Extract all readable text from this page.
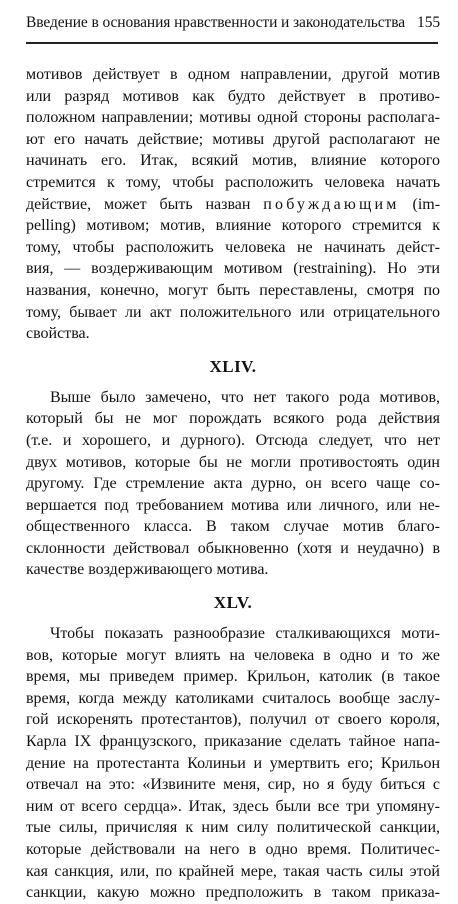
Введение в основания нравственности и законодательства 155

мотивов действует в одном направлении, другой мотив
или разряд мотивов как будто действует в противо-
положном направлении; мотивы одной стороны располага-
ют его начать действие; мотивы другой располагают не
начинать его. Итак, всякий мотив, влияние которого
стремится к тому, чтобы расположить человека начать
действие, может быть назван побуждающим (im-
pelling) мотивом; мотив, влияние которого стремится к
тому, чтобы расположить человека не начинать дейст-
вия, — воздерживающим мотивом (restraining). Но эти
названия, конечно, могут быть переставлены, смотря по
тому, бывает ли акт положительного или отрицательного
свойства.

XLIV.

Выше было замечено, что нет такого рода мотивов,
который бы не мог порождать всякого рода действия
(т.е. и хорошего, и дурного). Отсюда следует, что нет
двух мотивов, которые бы не могли противостоять один
другому. Где стремление акта дурно, он всего чаще со-
вершается под требованием мотива или личного, или не-
общественного класса. В таком случае мотив благо-
склонности действовал обыкновенно (хотя и неудачно) в
качестве воздерживающего мотива.

XLV.

Чтобы показать разнообразие сталкивающихся моти-
вов, которые могут влиять на человека в одно и то же
время, мы приведем пример. Крильон, католик (в такое
время, когда между католиками считалось вообще заслу-
гой искоренять протестантов), получил от своего короля,
Карла IX французского, приказание сделать тайное напа-
дение на протестанта Колиньи и умертвить его; Крильон
отвечал на это: «Извините меня, сир, но я буду биться с
ним от всего сердца». Итак, здесь были все три упомяну-
тые силы, причисляя к ним силу политической санкции,
которые действовали на него в одно время. Политичес-
кая санкция, или, по крайней мере, такая часть силы этой
санкции, какую можно предположить в таком приказа-
